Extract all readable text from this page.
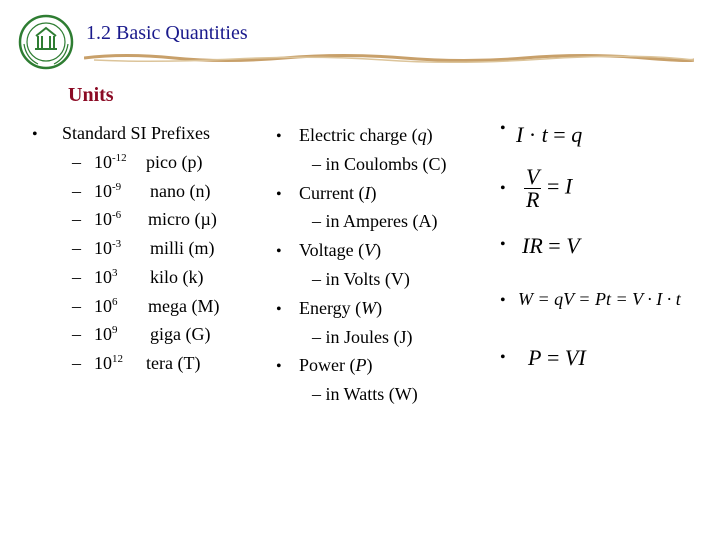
1.2 Basic Quantities
Units
• Standard SI Prefixes
– $10^{-12}$ pico (p)
– $10^{-9}$ nano (n)
– $10^{-6}$ micro (µ)
– $10^{-3}$ milli (m)
– $10^3$ kilo (k)
– $10^6$ mega (M)
– $10^9$ giga (G)
– $10^{12}$ tera (T)
• Electric charge (q)
– in Coulombs (C)
• Current (I)
– in Amperes (A)
• Voltage (V)
– in Volts (V)
• Energy (W)
– in Joules (J)
• Power (P)
– in Watts (W)
• I · t = q
• $\frac{V}{R} = I$
• IR = V
• W = qV = Pt = V · I · t
• P = VI
